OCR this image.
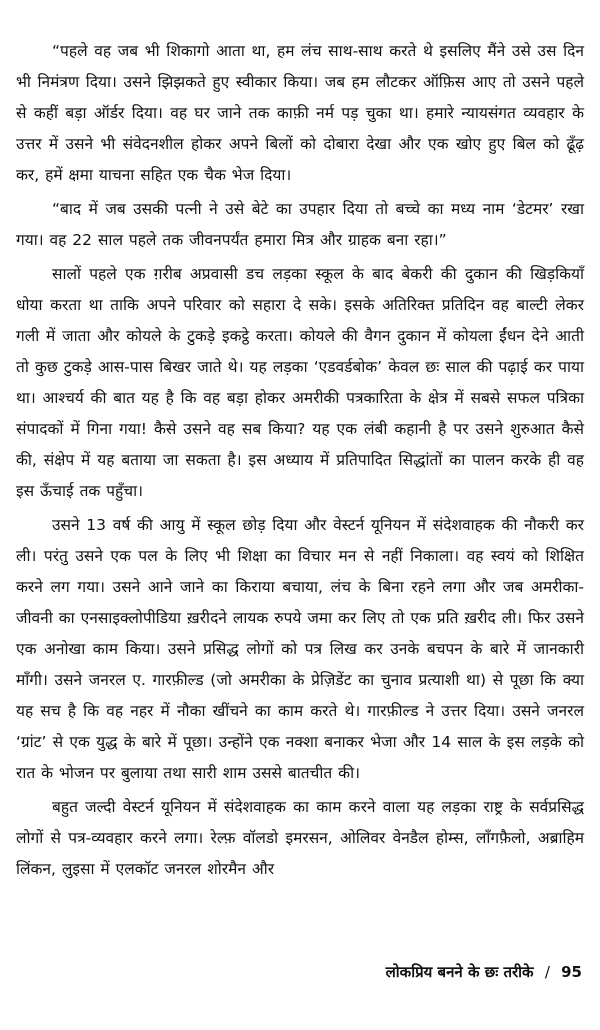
“पहले वह जब भी शिकागो आता था, हम लंच साथ-साथ करते थे इसलिए मैंने उसे उस दिन भी निमंत्रण दिया। उसने झिझकते हुए स्वीकार किया। जब हम लौटकर ऑफ़िस आए तो उसने पहले से कहीं बड़ा ऑर्डर दिया। वह घर जाने तक काफ़ी नर्म पड़ चुका था। हमारे न्यायसंगत व्यवहार के उत्तर में उसने भी संवेदनशील होकर अपने बिलों को दोबारा देखा और एक खोए हुए बिल को ढूँढ़ कर, हमें क्षमा याचना सहित एक चैक भेज दिया।

“बाद में जब उसकी पत्नी ने उसे बेटे का उपहार दिया तो बच्चे का मध्य नाम ‘डेटमर’ रखा गया। वह 22 साल पहले तक जीवनपर्यंत हमारा मित्र और ग्राहक बना रहा।”

सालों पहले एक ग़रीब अप्रवासी डच लड़का स्कूल के बाद बेकरी की दुकान की खिड़कियाँ धोया करता था ताकि अपने परिवार को सहारा दे सके। इसके अतिरिक्त प्रतिदिन वह बाल्टी लेकर गली में जाता और कोयले के टुकड़े इकट्ठे करता। कोयले की वैगन दुकान में कोयला ईंधन देने आती तो कुछ टुकड़े आस-पास बिखर जाते थे। यह लड़का ‘एडवर्डबोक’ केवल छः साल की पढ़ाई कर पाया था। आश्चर्य की बात यह है कि वह बड़ा होकर अमरीकी पत्रकारिता के क्षेत्र में सबसे सफल पत्रिका संपादकों में गिना गया! कैसे उसने वह सब किया? यह एक लंबी कहानी है पर उसने शुरुआत कैसे की, संक्षेप में यह बताया जा सकता है। इस अध्याय में प्रतिपादित सिद्धांतों का पालन करके ही वह इस ऊँचाई तक पहुँचा।

उसने 13 वर्ष की आयु में स्कूल छोड़ दिया और वेस्टर्न यूनियन में संदेशवाहक की नौकरी कर ली। परंतु उसने एक पल के लिए भी शिक्षा का विचार मन से नहीं निकाला। वह स्वयं को शिक्षित करने लग गया। उसने आने जाने का किराया बचाया, लंच के बिना रहने लगा और जब अमरीका-जीवनी का एनसाइक्लोपीडिया ख़रीदने लायक रुपये जमा कर लिए तो एक प्रति ख़रीद ली। फिर उसने एक अनोखा काम किया। उसने प्रसिद्ध लोगों को पत्र लिख कर उनके बचपन के बारे में जानकारी माँगी। उसने जनरल ए. गारफ़ील्ड (जो अमरीका के प्रेज़िडेंट का चुनाव प्रत्याशी था) से पूछा कि क्या यह सच है कि वह नहर में नौका खींचने का काम करते थे। गारफ़ील्ड ने उत्तर दिया। उसने जनरल ‘ग्रांट’ से एक युद्ध के बारे में पूछा। उन्होंने एक नक्शा बनाकर भेजा और 14 साल के इस लड़के को रात के भोजन पर बुलाया तथा सारी शाम उससे बातचीत की।

बहुत जल्दी वेस्टर्न यूनियन में संदेशवाहक का काम करने वाला यह लड़का राष्ट्र के सर्वप्रसिद्ध लोगों से पत्र-व्यवहार करने लगा। रेल्फ़ वॉलडो इमरसन, ओलिवर वेनडैल होम्स, लॉंगफ़ैलो, अब्राहिम लिंकन, लुइसा में एलकॉट जनरल शोरमैन और

लोकप्रिय बनने के छः तरीके / 95
